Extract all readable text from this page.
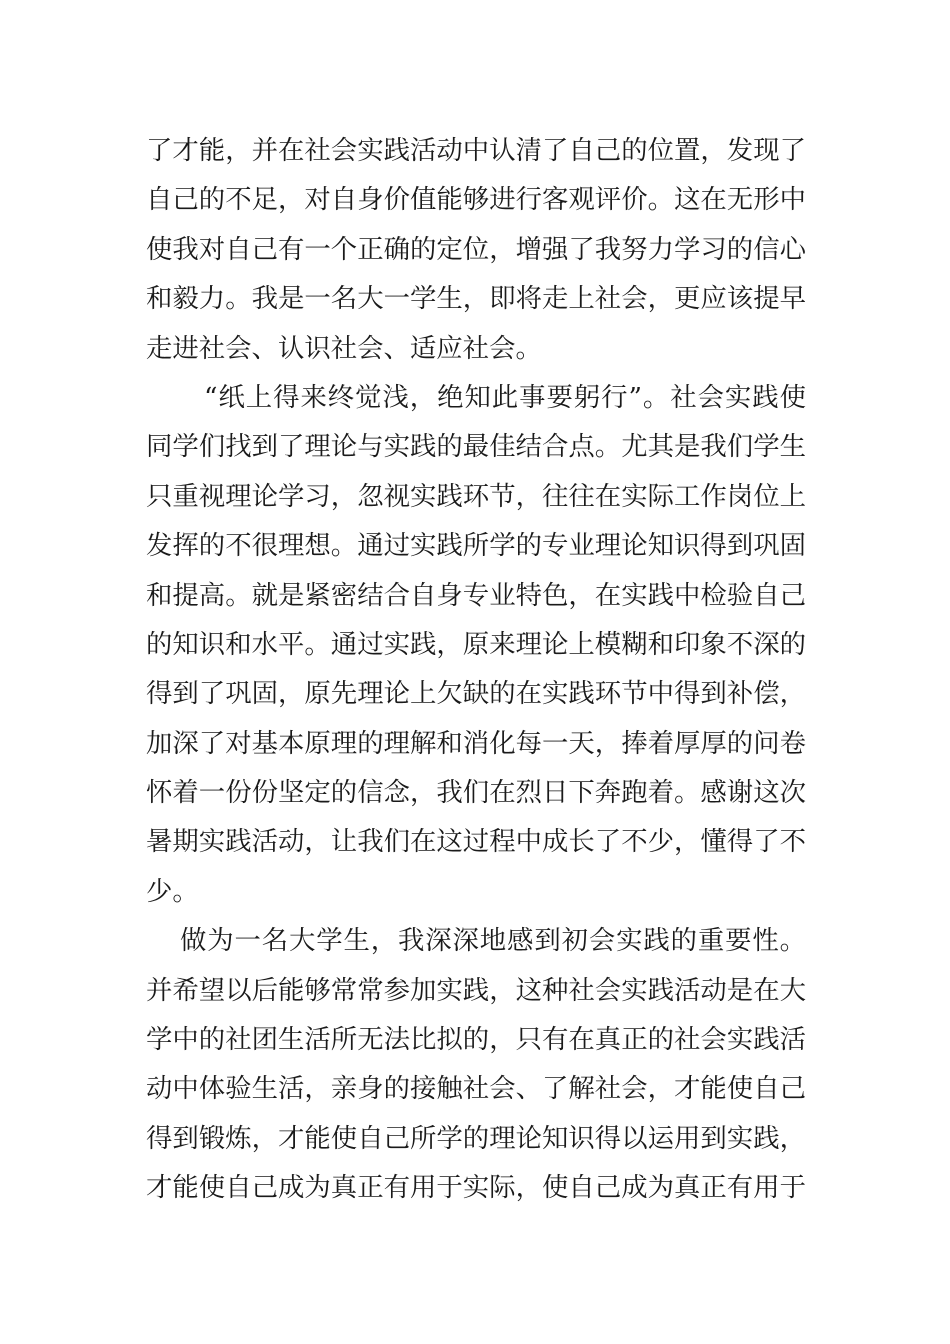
了才能，并在社会实践活动中认清了自己的位置，发现了
自己的不足，对自身价值能够进行客观评价。这在无形中
使我对自己有一个正确的定位，增强了我努力学习的信心
和毅力。我是一名大一学生，即将走上社会，更应该提早
走进社会、认识社会、适应社会。
“纸上得来终觉浅，绝知此事要躬行”。社会实践使
同学们找到了理论与实践的最佳结合点。尤其是我们学生
只重视理论学习，忽视实践环节，往往在实际工作岗位上
发挥的不很理想。通过实践所学的专业理论知识得到巩固
和提高。就是紧密结合自身专业特色，在实践中检验自己
的知识和水平。通过实践，原来理论上模糊和印象不深的
得到了巩固，原先理论上欠缺的在实践环节中得到补偿，
加深了对基本原理的理解和消化每一天，捧着厚厚的问卷
怀着一份份坚定的信念，我们在烈日下奔跑着。感谢这次
暑期实践活动，让我们在这过程中成长了不少，懂得了不
少。
做为一名大学生，我深深地感到初会实践的重要性。
并希望以后能够常常参加实践，这种社会实践活动是在大
学中的社团生活所无法比拟的，只有在真正的社会实践活
动中体验生活，亲身的接触社会、了解社会，才能使自己
得到锻炼，才能使自己所学的理论知识得以运用到实践，
才能使自己成为真正有用于实际，使自己成为真正有用于
